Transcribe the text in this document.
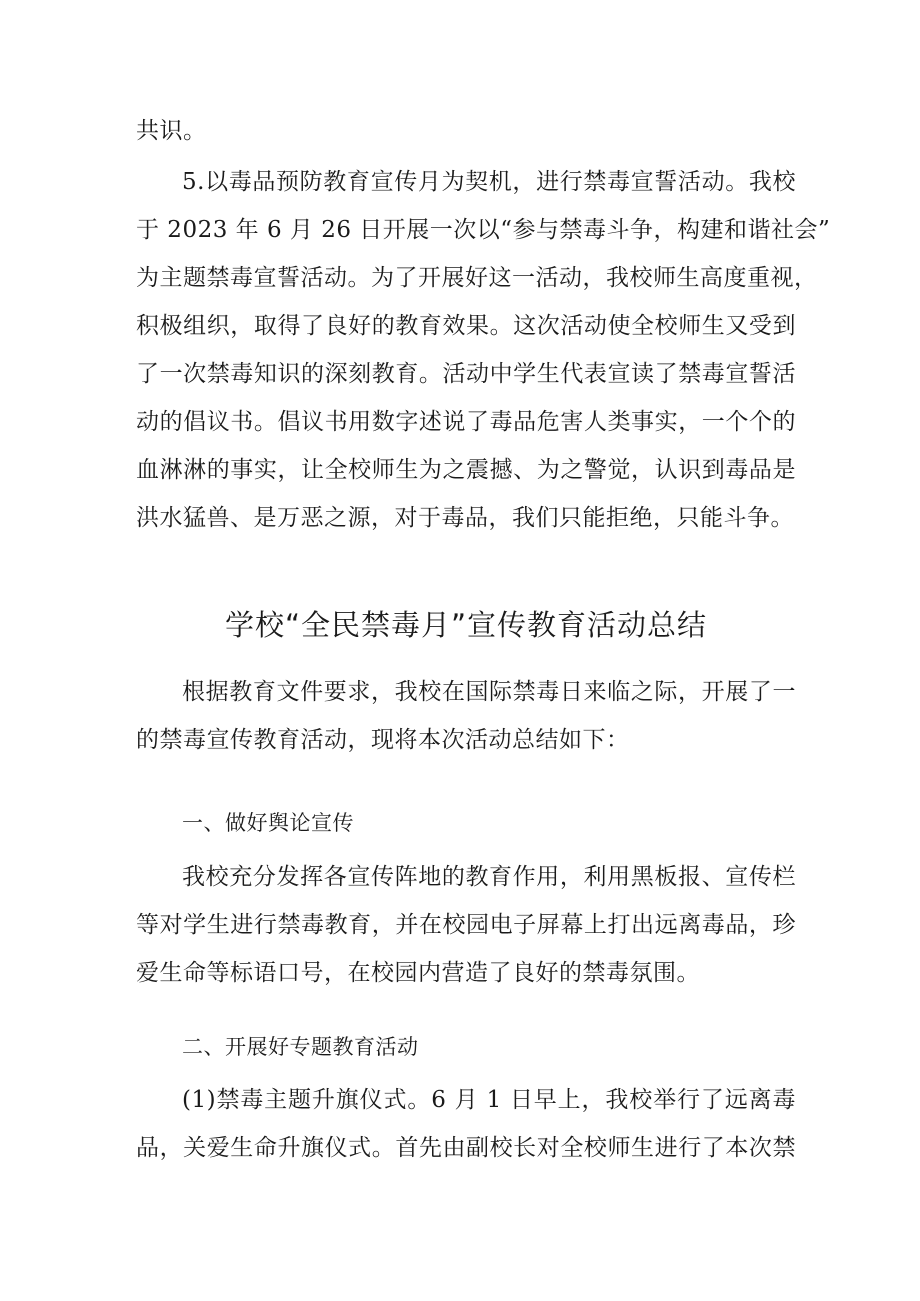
共识。
5.以毒品预防教育宣传月为契机，进行禁毒宣誓活动。我校
于 2023 年 6 月 26 日开展一次以“参与禁毒斗争，构建和谐社会”
为主题禁毒宣誓活动。为了开展好这一活动，我校师生高度重视，
积极组织，取得了良好的教育效果。这次活动使全校师生又受到
了一次禁毒知识的深刻教育。活动中学生代表宣读了禁毒宣誓活
动的倡议书。倡议书用数字述说了毒品危害人类事实，一个个的
血淋淋的事实，让全校师生为之震撼、为之警觉，认识到毒品是
洪水猛兽、是万恶之源，对于毒品，我们只能拒绝，只能斗争。
学校“全民禁毒月”宣传教育活动总结
根据教育文件要求，我校在国际禁毒日来临之际，开展了一
的禁毒宣传教育活动，现将本次活动总结如下：
一、做好舆论宣传
我校充分发挥各宣传阵地的教育作用，利用黑板报、宣传栏
等对学生进行禁毒教育，并在校园电子屏幕上打出远离毒品，珍
爱生命等标语口号，在校园内营造了良好的禁毒氛围。
二、开展好专题教育活动
(1)禁毒主题升旗仪式。6 月 1 日早上，我校举行了远离毒
品，关爱生命升旗仪式。首先由副校长对全校师生进行了本次禁
